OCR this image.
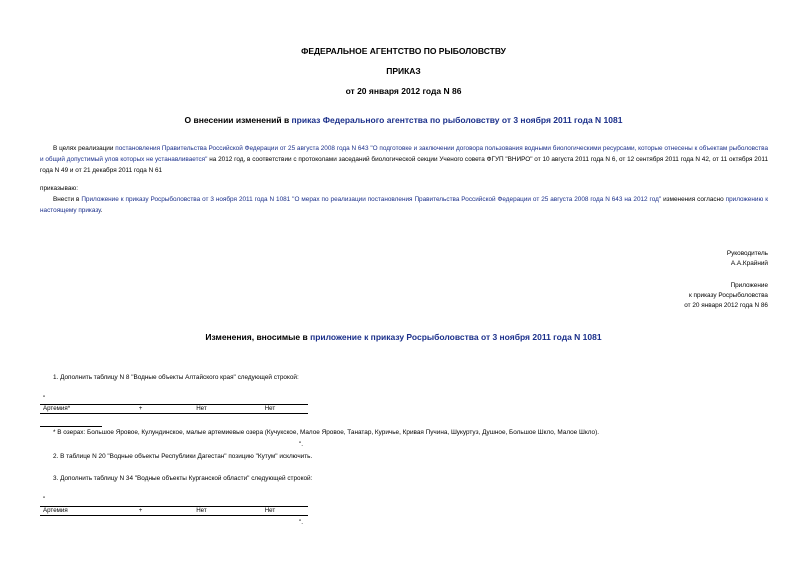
ФЕДЕРАЛЬНОЕ АГЕНТСТВО ПО РЫБОЛОВСТВУ
ПРИКАЗ
от 20 января 2012 года N 86
О внесении изменений в приказ Федерального агентства по рыболовству от 3 ноября 2011 года N 1081
В целях реализации постановления Правительства Российской Федерации от 25 августа 2008 года N 643 "О подготовке и заключении договора пользования водными биологическими ресурсами, которые отнесены к объектам рыболовства и общий допустимый улов которых не устанавливается" на 2012 год, в соответствии с протоколами заседаний биологической секции Ученого совета ФГУП "ВНИРО" от 10 августа 2011 года N 6, от 12 сентября 2011 года N 42, от 11 октября 2011 года N 49 и от 21 декабря 2011 года N 61
приказываю:
Внести в Приложение к приказу Росрыболовства от 3 ноября 2011 года N 1081 "О мерах по реализации постановления Правительства Российской Федерации от 25 августа 2008 года N 643 на 2012 год" изменения согласно приложению к настоящему приказу.
Руководитель
А.А.Крайний
Приложение
к приказу Росрыболовства
от 20 января 2012 года N 86
Изменения, вносимые в приложение к приказу Росрыболовства от 3 ноября 2011 года N 1081
1. Дополнить таблицу N 8 "Водные объекты Алтайского края" следующей строкой:
"
Артемия*	+	Нет	Нет
* В озерах: Большое Яровое, Кулундинское, малые артемиевые озера (Кучукское, Малое Яровое, Танатар, Куричье, Кривая Пучина, Шукуртуз, Душное, Большое Шкло, Малое Шкло).
".
2. В таблице N 20 "Водные объекты Республики Дагестан" позицию "Кутум" исключить.
3. Дополнить таблицу N 34 "Водные объекты Курганской области" следующей строкой:
"
Артемия	+	Нет	Нет
".
